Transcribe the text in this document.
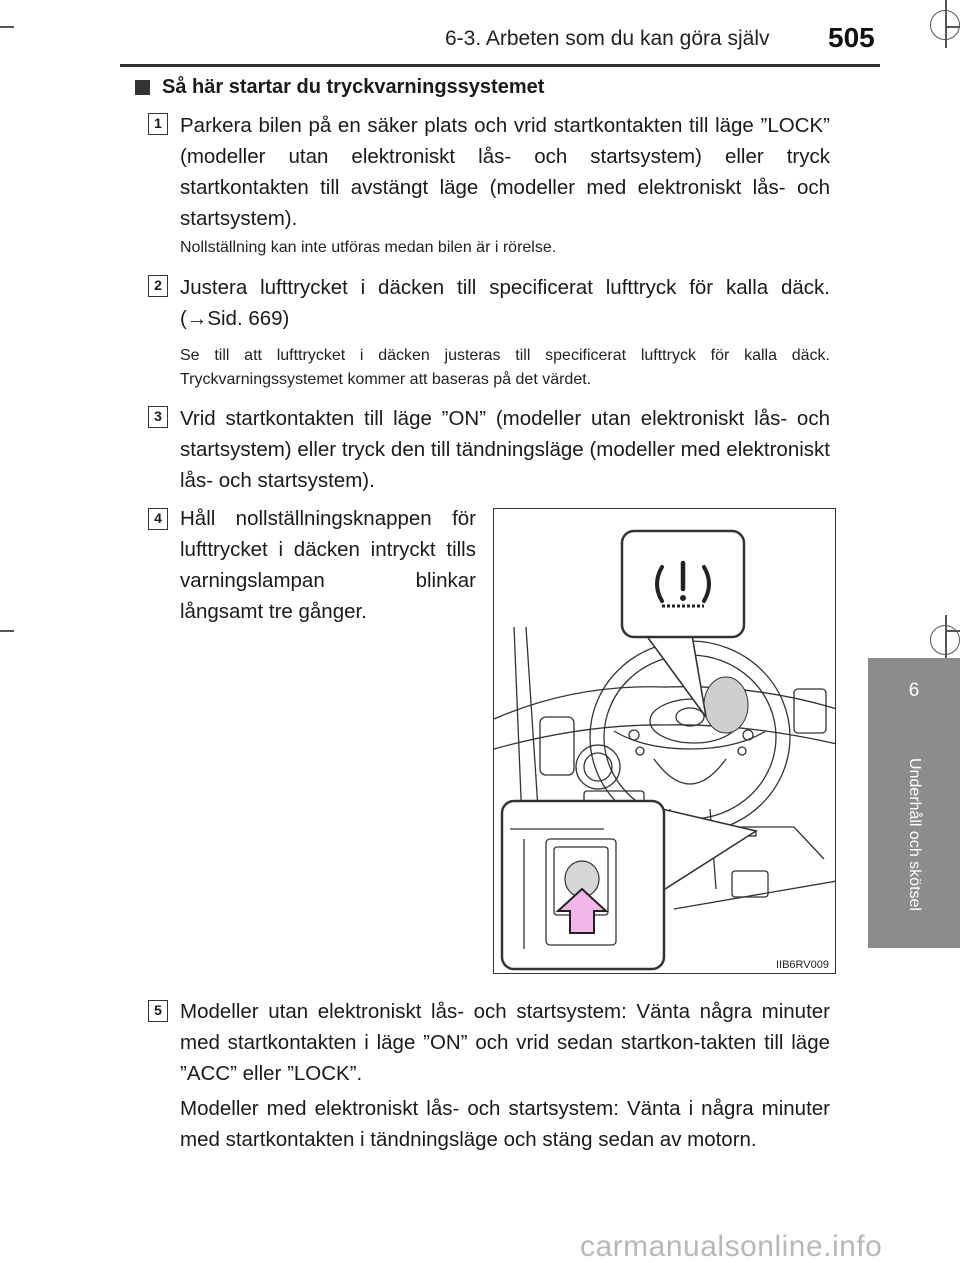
6-3. Arbeten som du kan göra själv 505
6
Underhåll och skötsel
Så här startar du tryckvarningssystemet
1 Parkera bilen på en säker plats och vrid startkontakten till läge ”LOCK” (modeller utan elektroniskt lås- och startsystem) eller tryck startkontakten till avstängt läge (modeller med elektroniskt lås- och startsystem).
Nollställning kan inte utföras medan bilen är i rörelse.
2 Justera lufttrycket i däcken till specificerat lufttryck för kalla däck. (→Sid. 669)
Se till att lufttrycket i däcken justeras till specificerat lufttryck för kalla däck. Tryckvarningssystemet kommer att baseras på det värdet.
3 Vrid startkontakten till läge ”ON” (modeller utan elektroniskt lås- och startsystem) eller tryck den till tändningsläge (modeller med elektroniskt lås- och startsystem).
4 Håll nollställningsknappen för lufttrycket i däcken intryckt tills varningslampan blinkar långsamt tre gånger.
IIB6RV009
5 Modeller utan elektroniskt lås- och startsystem: Vänta några minuter med startkontakten i läge ”ON” och vrid sedan startkon-takten till läge ”ACC” eller ”LOCK”.
Modeller med elektroniskt lås- och startsystem: Vänta i några minuter med startkontakten i tändningsläge och stäng sedan av motorn.
carmanualsonline.info
